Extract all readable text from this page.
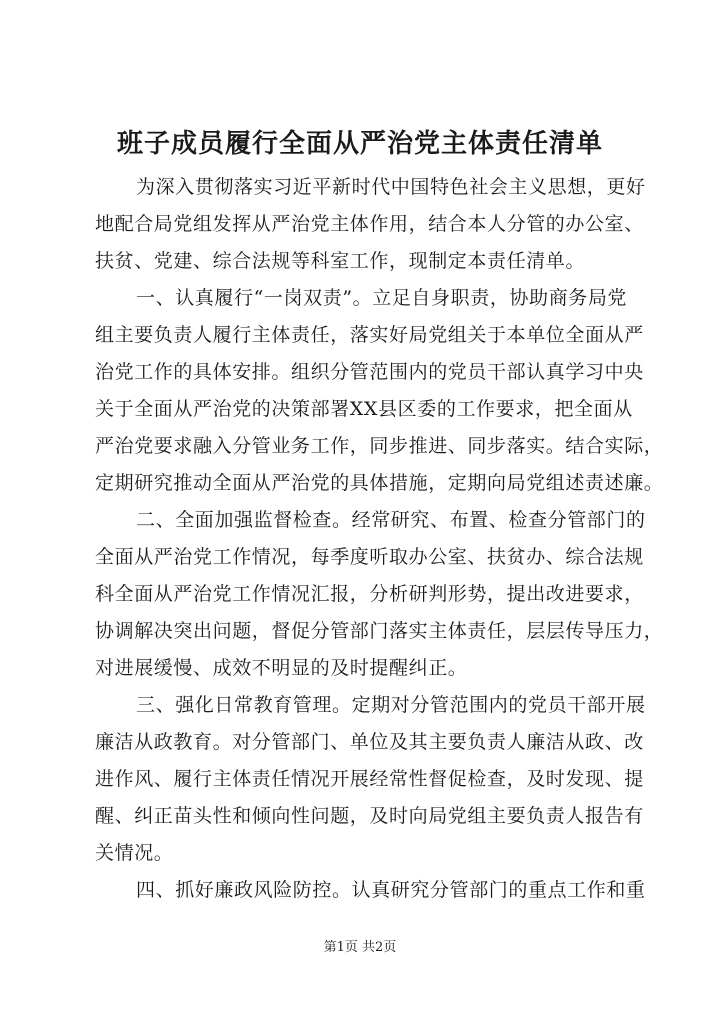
班子成员履行全面从严治党主体责任清单

为深入贯彻落实习近平新时代中国特色社会主义思想，更好

地配合局党组发挥从严治党主体作用，结合本人分管的办公室、

扶贫、党建、综合法规等科室工作，现制定本责任清单。

一、认真履行“一岗双责”。立足自身职责，协助商务局党

组主要负责人履行主体责任，落实好局党组关于本单位全面从严

治党工作的具体安排。组织分管范围内的党员干部认真学习中央

关于全面从严治党的决策部署XX县区委的工作要求，把全面从

严治党要求融入分管业务工作，同步推进、同步落实。结合实际，

定期研究推动全面从严治党的具体措施，定期向局党组述责述廉。

二、全面加强监督检查。经常研究、布置、检查分管部门的

全面从严治党工作情况，每季度听取办公室、扶贫办、综合法规

科全面从严治党工作情况汇报，分析研判形势，提出改进要求，

协调解决突出问题，督促分管部门落实主体责任，层层传导压力，

对进展缓慢、成效不明显的及时提醒纠正。

三、强化日常教育管理。定期对分管范围内的党员干部开展

廉洁从政教育。对分管部门、单位及其主要负责人廉洁从政、改

进作风、履行主体责任情况开展经常性督促检查，及时发现、提

醒、纠正苗头性和倾向性问题，及时向局党组主要负责人报告有

关情况。

四、抓好廉政风险防控。认真研究分管部门的重点工作和重

第1页 共2页
